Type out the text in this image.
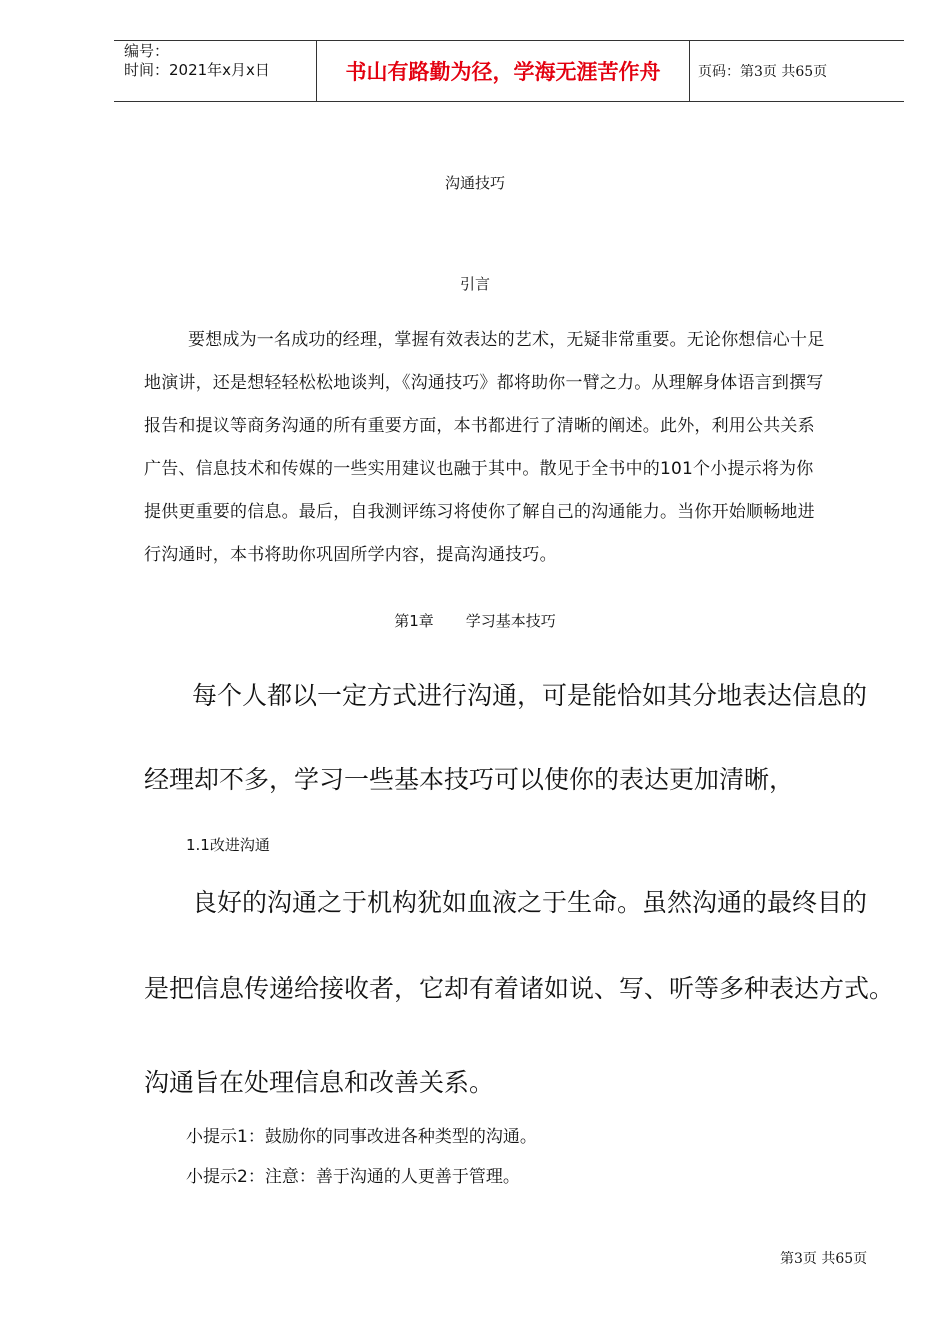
编号：
时间：2021年x月x日	书山有路勤为径，学海无涯苦作舟	页码：第3页 共65页
沟通技巧
引言
要想成为一名成功的经理，掌握有效表达的艺术，无疑非常重要。无论你想信心十足
地演讲，还是想轻轻松松地谈判，《沟通技巧》都将助你一臂之力。从理解身体语言到撰写
报告和提议等商务沟通的所有重要方面，本书都进行了清晰的阐述。此外，利用公共关系
广告、信息技术和传媒的一些实用建议也融于其中。散见于全书中的101个小提示将为你
提供更重要的信息。最后，自我测评练习将使你了解自己的沟通能力。当你开始顺畅地进
行沟通时，本书将助你巩固所学内容，提高沟通技巧。
第1章 学习基本技巧
每个人都以一定方式进行沟通，可是能恰如其分地表达信息的
经理却不多，学习一些基本技巧可以使你的表达更加清晰，
1.1改进沟通
良好的沟通之于机构犹如血液之于生命。虽然沟通的最终目的
是把信息传递给接收者，它却有着诸如说、写、听等多种表达方式。
沟通旨在处理信息和改善关系。
小提示1：鼓励你的同事改进各种类型的沟通。
小提示2：注意：善于沟通的人更善于管理。
第3页 共65页
